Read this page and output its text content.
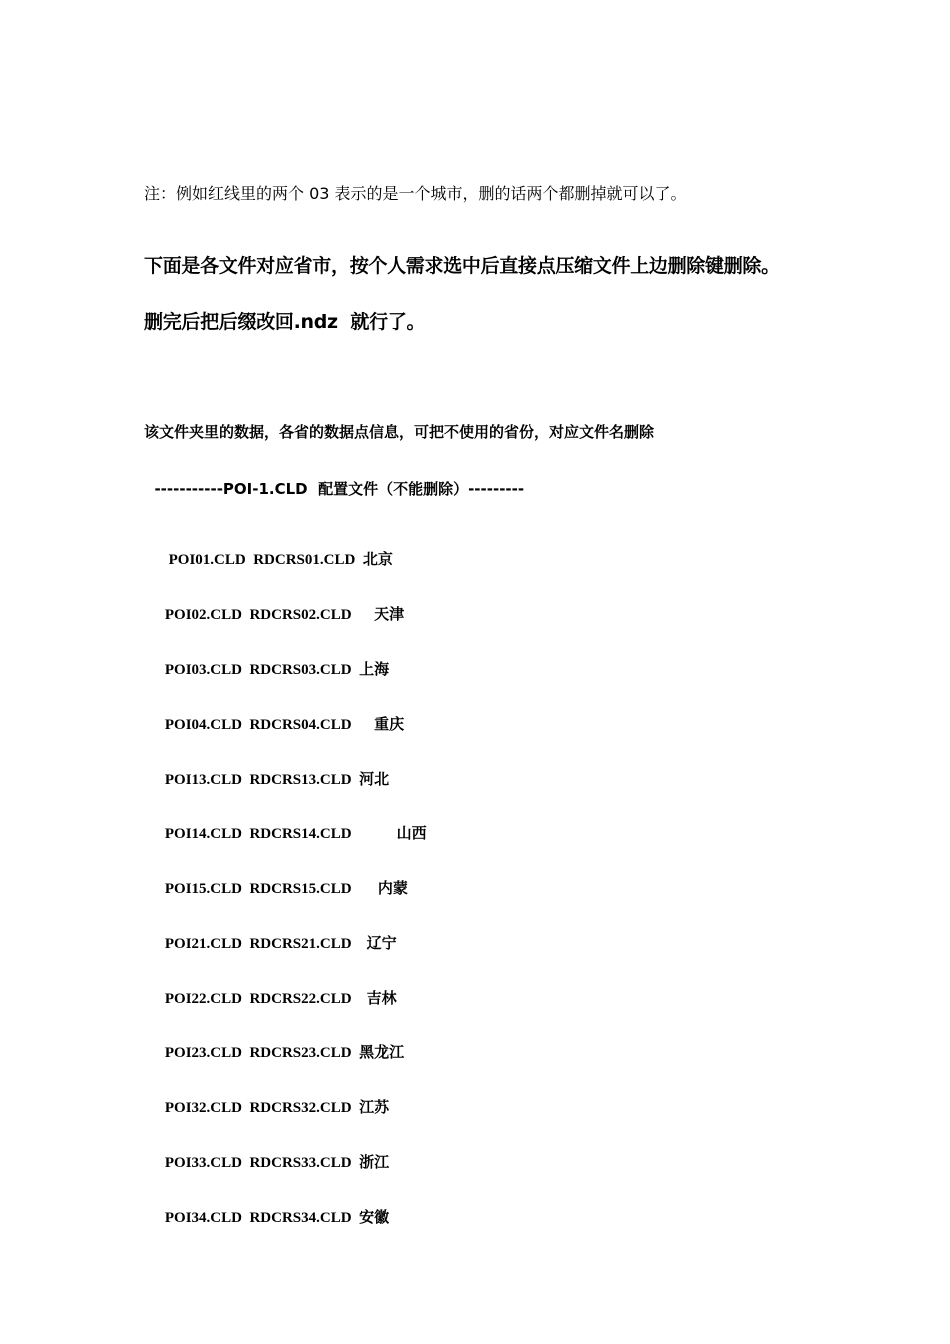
注：例如红线里的两个 03 表示的是一个城市，删的话两个都删掉就可以了。
下面是各文件对应省市，按个人需求选中后直接点压缩文件上边删除键删除。
删完后把后缀改回.ndz  就行了。
该文件夹里的数据，各省的数据点信息，可把不使用的省份，对应文件名删除
-----------POI-1.CLD  配置文件（不能删除）---------

POI01.CLD  RDCRS01.CLD  北京

POI02.CLD  RDCRS02.CLD      天津

POI03.CLD  RDCRS03.CLD  上海

POI04.CLD  RDCRS04.CLD      重庆

POI13.CLD  RDCRS13.CLD  河北

POI14.CLD  RDCRS14.CLD            山西

POI15.CLD  RDCRS15.CLD       内蒙

POI21.CLD  RDCRS21.CLD    辽宁

POI22.CLD  RDCRS22.CLD    吉林

POI23.CLD  RDCRS23.CLD  黑龙江

POI32.CLD  RDCRS32.CLD  江苏

POI33.CLD  RDCRS33.CLD  浙江

POI34.CLD  RDCRS34.CLD  安徽
